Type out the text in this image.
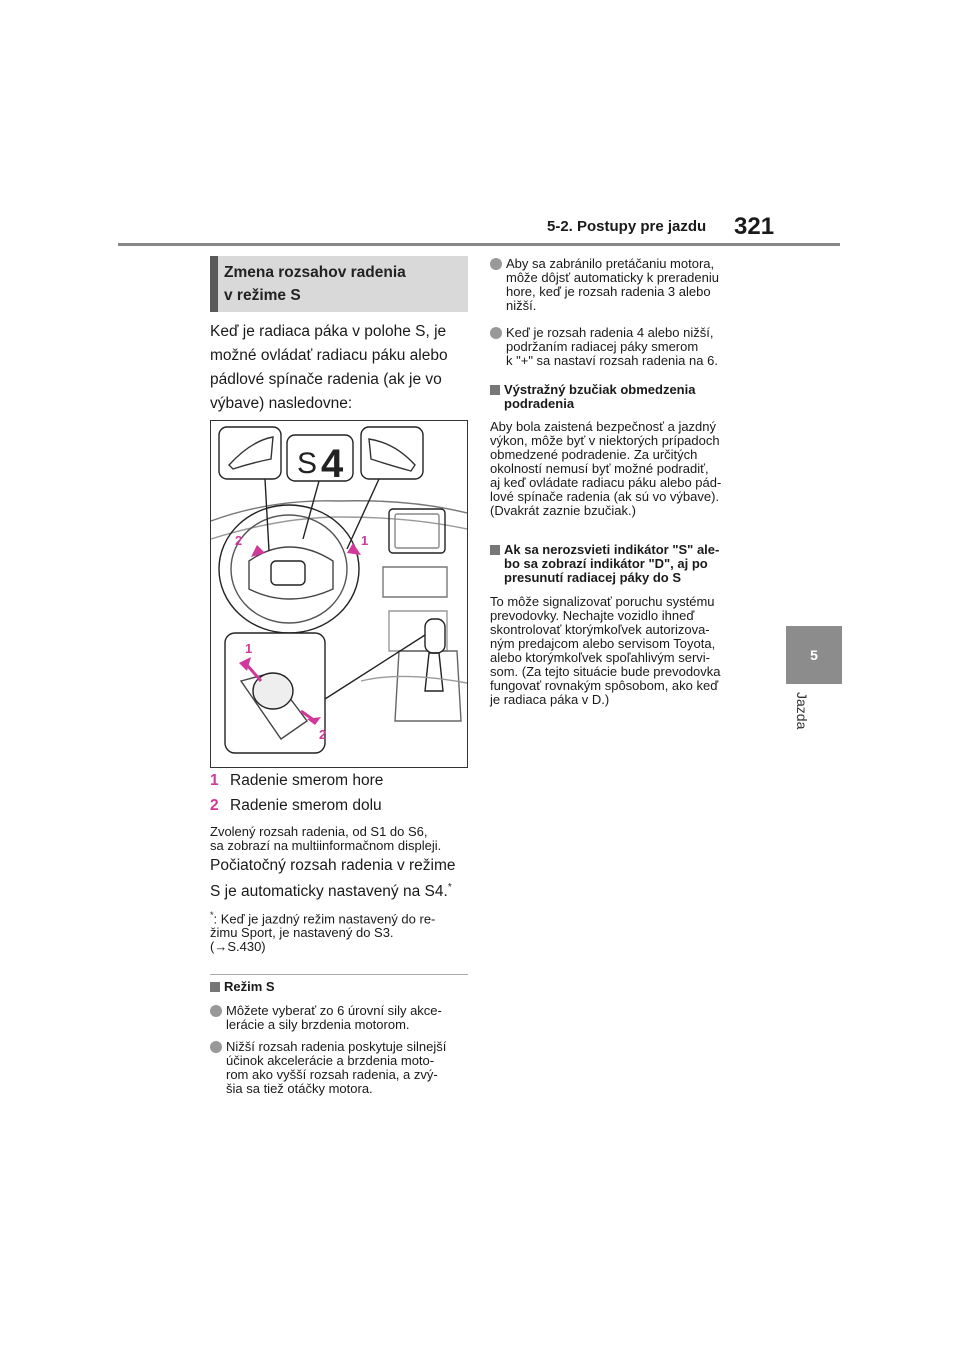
5-2. Postupy pre jazdu 321
5
Jazda
Zmena rozsahov radenia
v režime S
Keď je radiaca páka v polohe S, je
možné ovládať radiacu páku alebo
pádlové spínače radenia (ak je vo
výbave) nasledovne:
S 4
2	1
1
2
1 Radenie smerom hore
2 Radenie smerom dolu
Zvolený rozsah radenia, od S1 do S6,
sa zobrazí na multiinformačnom displeji.
Počiatočný rozsah radenia v režime
S je automaticky nastavený na S4.*
*: Keď je jazdný režim nastavený do re-
žimu Sport, je nastavený do S3.
(→S.430)
Režim S
Môžete vyberať zo 6 úrovní sily akce-
lerácie a sily brzdenia motorom.
Nižší rozsah radenia poskytuje silnejší
účinok akcelerácie a brzdenia moto-
rom ako vyšší rozsah radenia, a zvý-
šia sa tiež otáčky motora.
Aby sa zabránilo pretáčaniu motora,
môže dôjsť automaticky k preradeniu
hore, keď je rozsah radenia 3 alebo
nižší.
Keď je rozsah radenia 4 alebo nižší,
podržaním radiacej páky smerom
k "+" sa nastaví rozsah radenia na 6.
Výstražný bzučiak obmedzenia
podradenia
Aby bola zaistená bezpečnosť a jazdný
výkon, môže byť v niektorých prípadoch
obmedzené podradenie. Za určitých
okolností nemusí byť možné podradiť,
aj keď ovládate radiacu páku alebo pád-
lové spínače radenia (ak sú vo výbave).
(Dvakrát zaznie bzučiak.)
Ak sa nerozsvieti indikátor "S" ale-
bo sa zobrazí indikátor "D", aj po
presunutí radiacej páky do S
To môže signalizovať poruchu systému
prevodovky. Nechajte vozidlo ihneď
skontrolovať ktorýmkoľvek autorizova-
ným predajcom alebo servisom Toyota,
alebo ktorýmkoľvek spoľahlivým servi-
som. (Za tejto situácie bude prevodovka
fungovať rovnakým spôsobom, ako keď
je radiaca páka v D.)
